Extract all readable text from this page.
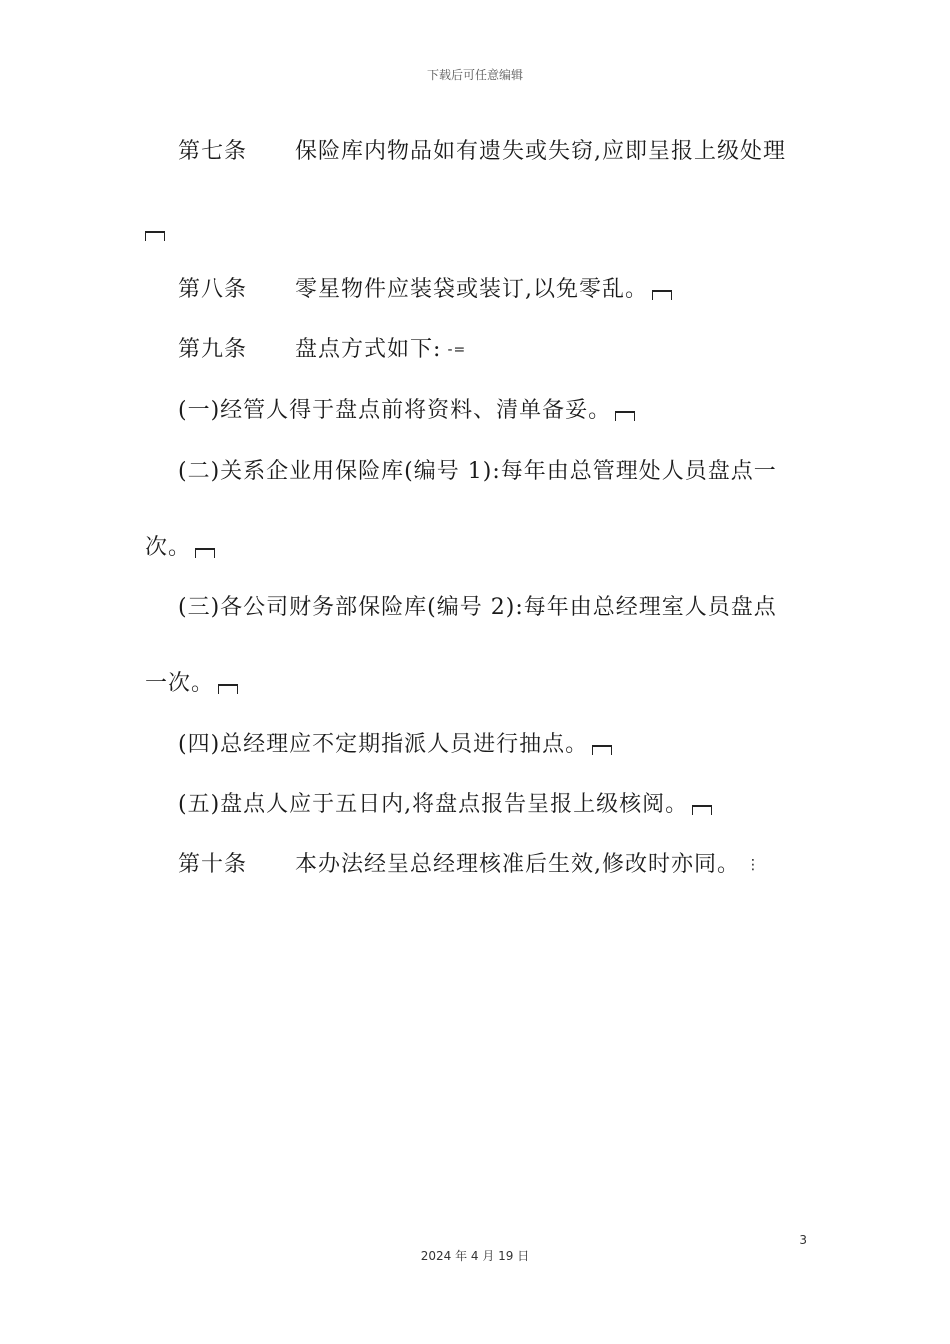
下载后可任意编辑
第七条 保险库内物品如有遗失或失窃,应即呈报上级处理
第八条 零星物件应装袋或装订,以免零乱。
第九条 盘点方式如下: -=
(一)经管人得于盘点前将资料、清单备妥。
(二)关系企业用保险库(编号 1):每年由总管理处人员盘点一
次。
(三)各公司财务部保险库(编号 2):每年由总经理室人员盘点
一次。
(四)总经理应不定期指派人员进行抽点。
(五)盘点人应于五日内,将盘点报告呈报上级核阅。
第十条 本办法经呈总经理核准后生效,修改时亦同。 ⋮
3
2024 年 4 月 19 日
